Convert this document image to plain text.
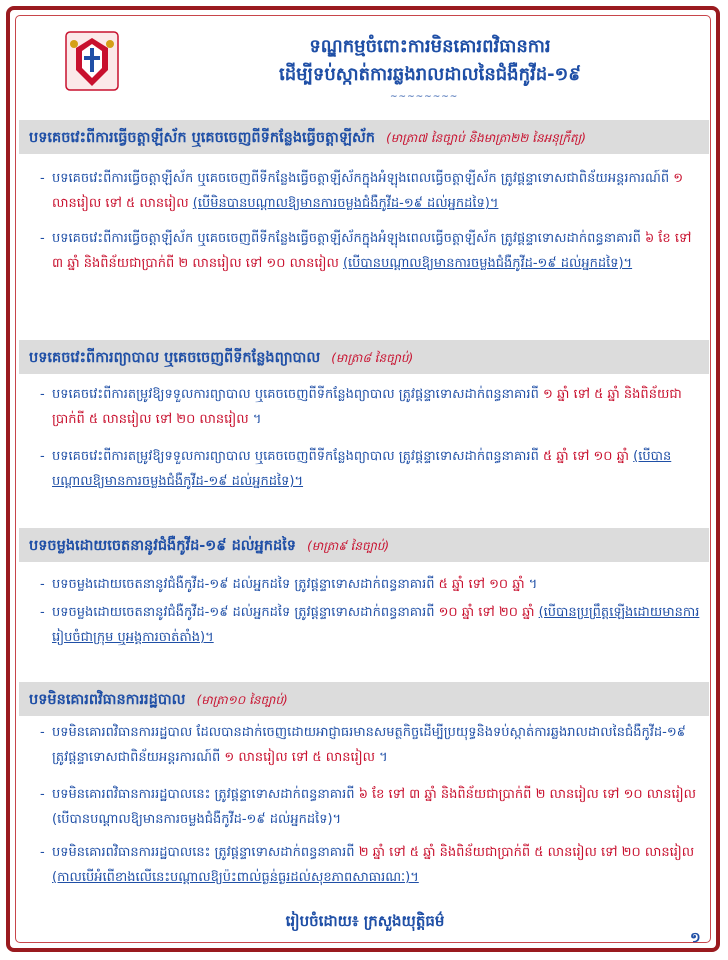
ទណ្ឌកម្មចំពោះការមិនគោរពវិធានការ
ដើម្បីទប់ស្កាត់ការឆ្លងរាលដាលនៃជំងឺកូវីដ-១៩
~~~~~~~~
បទគេចវេះពីការធ្វើចត្តាឡីស័ក ឬគេចចេញពីទីកន្លែងធ្វើចត្តាឡីស័ក (មាត្រា៧ នៃច្បាប់ និងមាត្រា២២ នៃអនុក្រឹត្យ)
- បទគេចវេះពីការធ្វើចត្តាឡីស័ក ឬគេចចេញពីទីកន្លែងធ្វើចត្តាឡីស័កក្នុងអំឡុងពេលធ្វើចត្តាឡីស័ក ត្រូវផ្តន្ទាទោសជាពិន័យអន្តរការណ៍ពី ១ លានរៀល ទៅ ៥ លានរៀល (បើមិនបានបណ្តាលឱ្យមានការចម្លងជំងឺកូវីដ-១៩ ដល់អ្នកដទៃ)។
- បទគេចវេះពីការធ្វើចត្តាឡីស័ក ឬគេចចេញពីទីកន្លែងធ្វើចត្តាឡីស័កក្នុងអំឡុងពេលធ្វើចត្តាឡីស័ក ត្រូវផ្តន្ទាទោសដាក់ពន្ធនាគារពី ៦ ខែ ទៅ ៣ ឆ្នាំ និងពិន័យជាប្រាក់ពី ២ លានរៀល ទៅ ១០ លានរៀល (បើបានបណ្តាលឱ្យមានការចម្លងជំងឺកូវីដ-១៩ ដល់អ្នកដទៃ)។
បទគេចវេះពីការព្យាបាល ឬគេចចេញពីទីកន្លែងព្យាបាល (មាត្រា៨ នៃច្បាប់)
- បទគេចវេះពីការតម្រូវឱ្យទទួលការព្យាបាល ឬគេចចេញពីទីកន្លែងព្យាបាល ត្រូវផ្តន្ទាទោសដាក់ពន្ធនាគារពី ១ ឆ្នាំ ទៅ ៥ ឆ្នាំ និងពិន័យជាប្រាក់ពី ៥ លានរៀល ទៅ ២០ លានរៀល ។
- បទគេចវេះពីការតម្រូវឱ្យទទួលការព្យាបាល ឬគេចចេញពីទីកន្លែងព្យាបាល ត្រូវផ្តន្ទាទោសដាក់ពន្ធនាគារពី ៥ ឆ្នាំ ទៅ ១០ ឆ្នាំ (បើបានបណ្តាលឱ្យមានការចម្លងជំងឺកូវីដ-១៩ ដល់អ្នកដទៃ)។
បទចម្លងដោយចេតនានូវជំងឺកូវីដ-១៩ ដល់អ្នកដទៃ (មាត្រា៩ នៃច្បាប់)
- បទចម្លងដោយចេតនានូវជំងឺកូវីដ-១៩ ដល់អ្នកដទៃ ត្រូវផ្តន្ទាទោសដាក់ពន្ធនាគារពី ៥ ឆ្នាំ ទៅ ១០ ឆ្នាំ ។
- បទចម្លងដោយចេតនានូវជំងឺកូវីដ-១៩ ដល់អ្នកដទៃ ត្រូវផ្តន្ទាទោសដាក់ពន្ធនាគារពី ១០ ឆ្នាំ ទៅ ២០ ឆ្នាំ (បើបានប្រព្រឹត្តឡើងដោយមានការរៀបចំជាក្រុម ឬអង្គការចាត់តាំង)។
បទមិនគោរពវិធានការរដ្ឋបាល (មាត្រា១០ នៃច្បាប់)
- បទមិនគោរពវិធានការរដ្ឋបាល ដែលបានដាក់ចេញដោយអាជ្ញាធរមានសមត្ថកិច្ចដើម្បីប្រយុទ្ធនិងទប់ស្កាត់ការឆ្លងរាលដាលនៃជំងឺកូវីដ-១៩ ត្រូវផ្តន្ទាទោសជាពិន័យអន្តរការណ៍ពី ១ លានរៀល ទៅ ៥ លានរៀល ។
- បទមិនគោរពវិធានការរដ្ឋបាលនេះ ត្រូវផ្តន្ទាទោសដាក់ពន្ធនាគារពី ៦ ខែ ទៅ ៣ ឆ្នាំ និងពិន័យជាប្រាក់ពី ២ លានរៀល ទៅ ១០ លានរៀល (បើបានបណ្តាលឱ្យមានការចម្លងជំងឺកូវីដ-១៩ ដល់អ្នកដទៃ)។
- បទមិនគោរពវិធានការរដ្ឋបាលនេះ ត្រូវផ្តន្ទាទោសដាក់ពន្ធនាគារពី ២ ឆ្នាំ ទៅ ៥ ឆ្នាំ និងពិន័យជាប្រាក់ពី ៥ លានរៀល ទៅ ២០ លានរៀល (កាលបើអំពើខាងលើនេះបណ្តាលឱ្យប៉ះពាល់ធ្ងន់ធ្ងរដល់សុខភាពសាធារណៈ)។
រៀបចំដោយ៖ ក្រសួងយុត្តិធម៌
១
